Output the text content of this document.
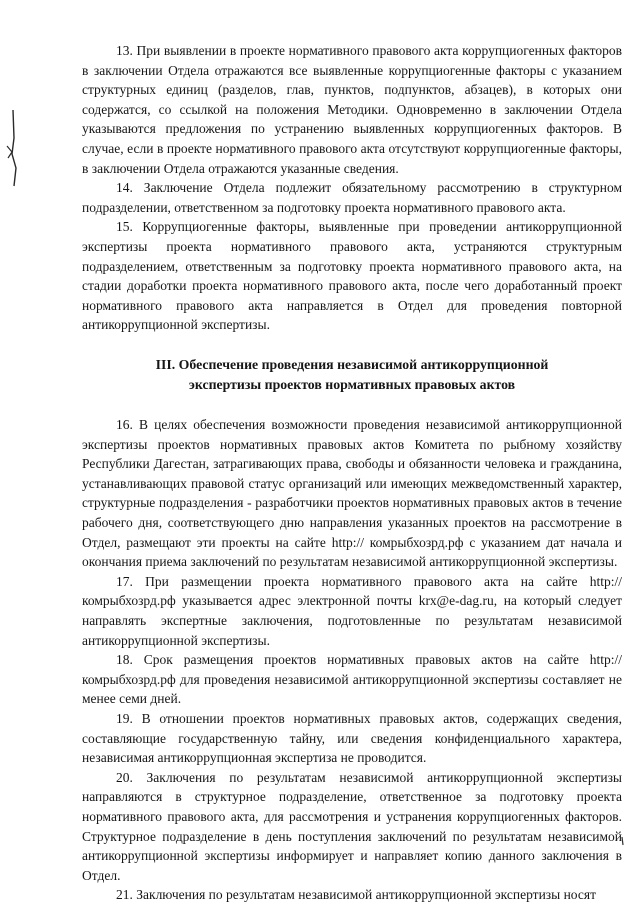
13. При выявлении в проекте нормативного правового акта коррупциогенных факторов в заключении Отдела отражаются все выявленные коррупциогенные факторы с указанием структурных единиц (разделов, глав, пунктов, подпунктов, абзацев), в которых они содержатся, со ссылкой на положения Методики. Одновременно в заключении Отдела указываются предложения по устранению выявленных коррупциогенных факторов. В случае, если в проекте нормативного правового акта отсутствуют коррупциогенные факторы, в заключении Отдела отражаются указанные сведения.

14. Заключение Отдела подлежит обязательному рассмотрению в структурном подразделении, ответственном за подготовку проекта нормативного правового акта.

15. Коррупциогенные факторы, выявленные при проведении антикоррупционной экспертизы проекта нормативного правового акта, устраняются структурным подразделением, ответственным за подготовку проекта нормативного правового акта, на стадии доработки проекта нормативного правового акта, после чего доработанный проект нормативного правового акта направляется в Отдел для проведения повторной антикоррупционной экспертизы.

III. Обеспечение проведения независимой антикоррупционной
экспертизы проектов нормативных правовых актов

16. В целях обеспечения возможности проведения независимой антикоррупционной экспертизы проектов нормативных правовых актов Комитета по рыбному хозяйству Республики Дагестан, затрагивающих права, свободы и обязанности человека и гражданина, устанавливающих правовой статус организаций или имеющих межведомственный характер, структурные подразделения - разработчики проектов нормативных правовых актов в течение рабочего дня, соответствующего дню направления указанных проектов на рассмотрение в Отдел, размещают эти проекты на сайте http:// комрыбхозрд.рф с указанием дат начала и окончания приема заключений по результатам независимой антикоррупционной экспертизы.

17. При размещении проекта нормативного правового акта на сайте http:// комрыбхозрд.рф указывается адрес электронной почты krx@e-dag.ru, на который следует направлять экспертные заключения, подготовленные по результатам независимой антикоррупционной экспертизы.

18. Срок размещения проектов нормативных правовых актов на сайте http:// комрыбхозрд.рф для проведения независимой антикоррупционной экспертизы составляет не менее семи дней.

19. В отношении проектов нормативных правовых актов, содержащих сведения, составляющие государственную тайну, или сведения конфиденциального характера, независимая антикоррупционная экспертиза не проводится.

20. Заключения по результатам независимой антикоррупционной экспертизы направляются в структурное подразделение, ответственное за подготовку проекта нормативного правового акта, для рассмотрения и устранения коррупциогенных факторов. Структурное подразделение в день поступления заключений по результатам независимой антикоррупционной экспертизы информирует и направляет копию данного заключения в Отдел.

21. Заключения по результатам независимой антикоррупционной экспертизы носят
